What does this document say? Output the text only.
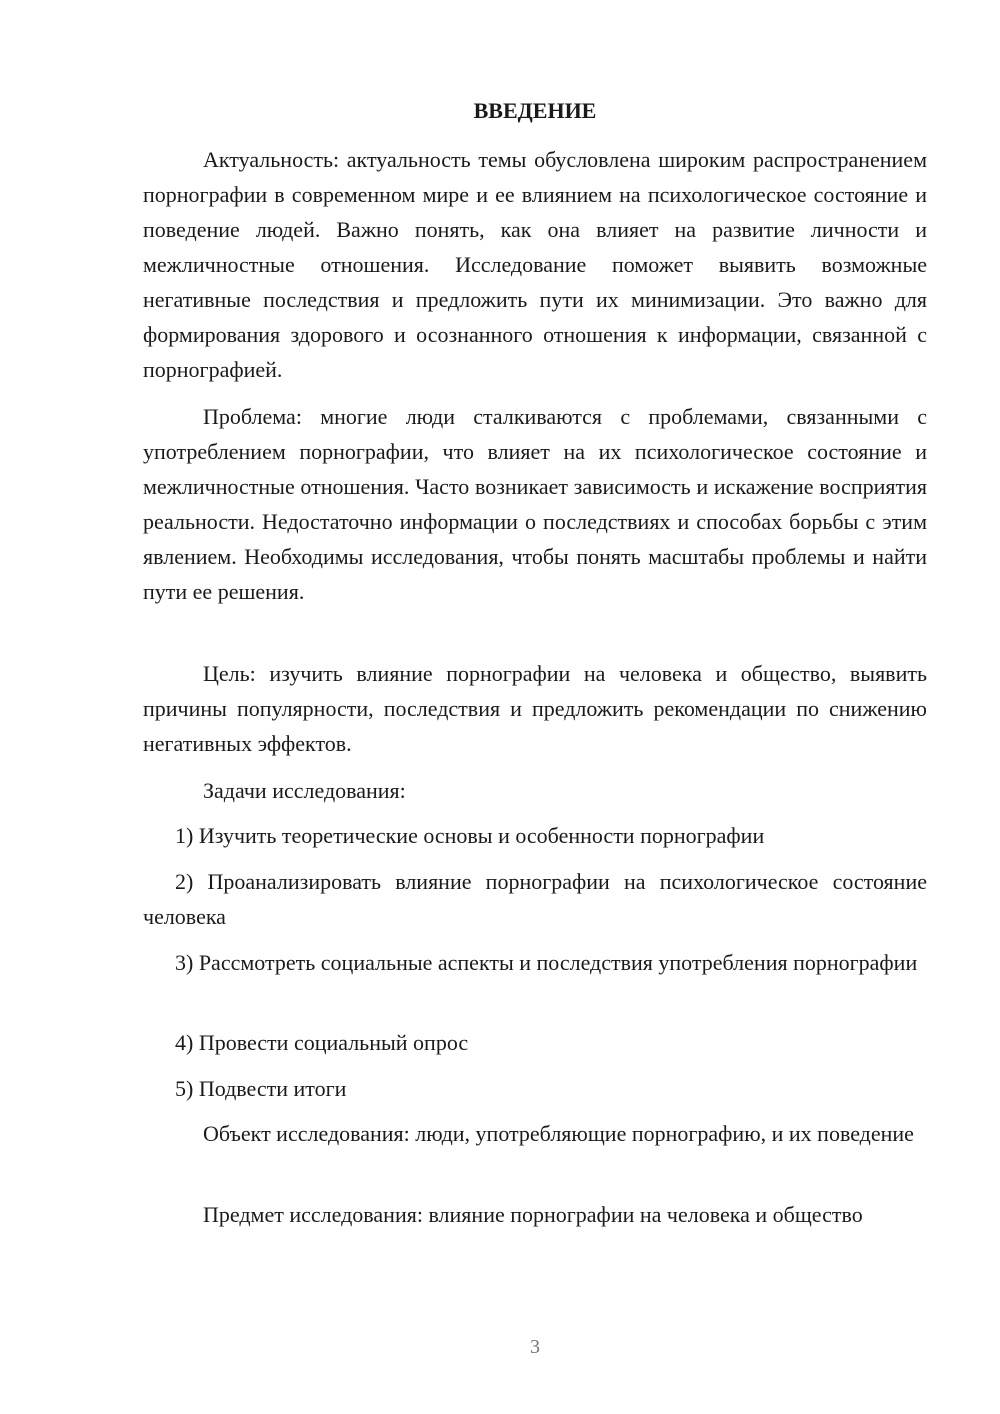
ВВЕДЕНИЕ

Актуальность: актуальность темы обусловлена широким распространением порнографии в современном мире и ее влиянием на психологическое состояние и поведение людей. Важно понять, как она влияет на развитие личности и межличностные отношения. Исследование поможет выявить возможные негативные последствия и предложить пути их минимизации. Это важно для формирования здорового и осознанного отношения к информации, связанной с порнографией.

Проблема: многие люди сталкиваются с проблемами, связанными с употреблением порнографии, что влияет на их психологическое состояние и межличностные отношения. Часто возникает зависимость и искажение восприятия реальности. Недостаточно информации о последствиях и способах борьбы с этим явлением. Необходимы исследования, чтобы понять масштабы проблемы и найти пути ее решения.

Цель: изучить влияние порнографии на человека и общество, выявить причины популярности, последствия и предложить рекомендации по снижению негативных эффектов.

Задачи исследования:

1) Изучить теоретические основы и особенности порнографии

2) Проанализировать влияние порнографии на психологическое состояние человека

3) Рассмотреть социальные аспекты и последствия употребления порнографии

4) Провести социальный опрос

5) Подвести итоги

Объект исследования: люди, употребляющие порнографию, и их поведение

Предмет исследования: влияние порнографии на человека и общество

3
